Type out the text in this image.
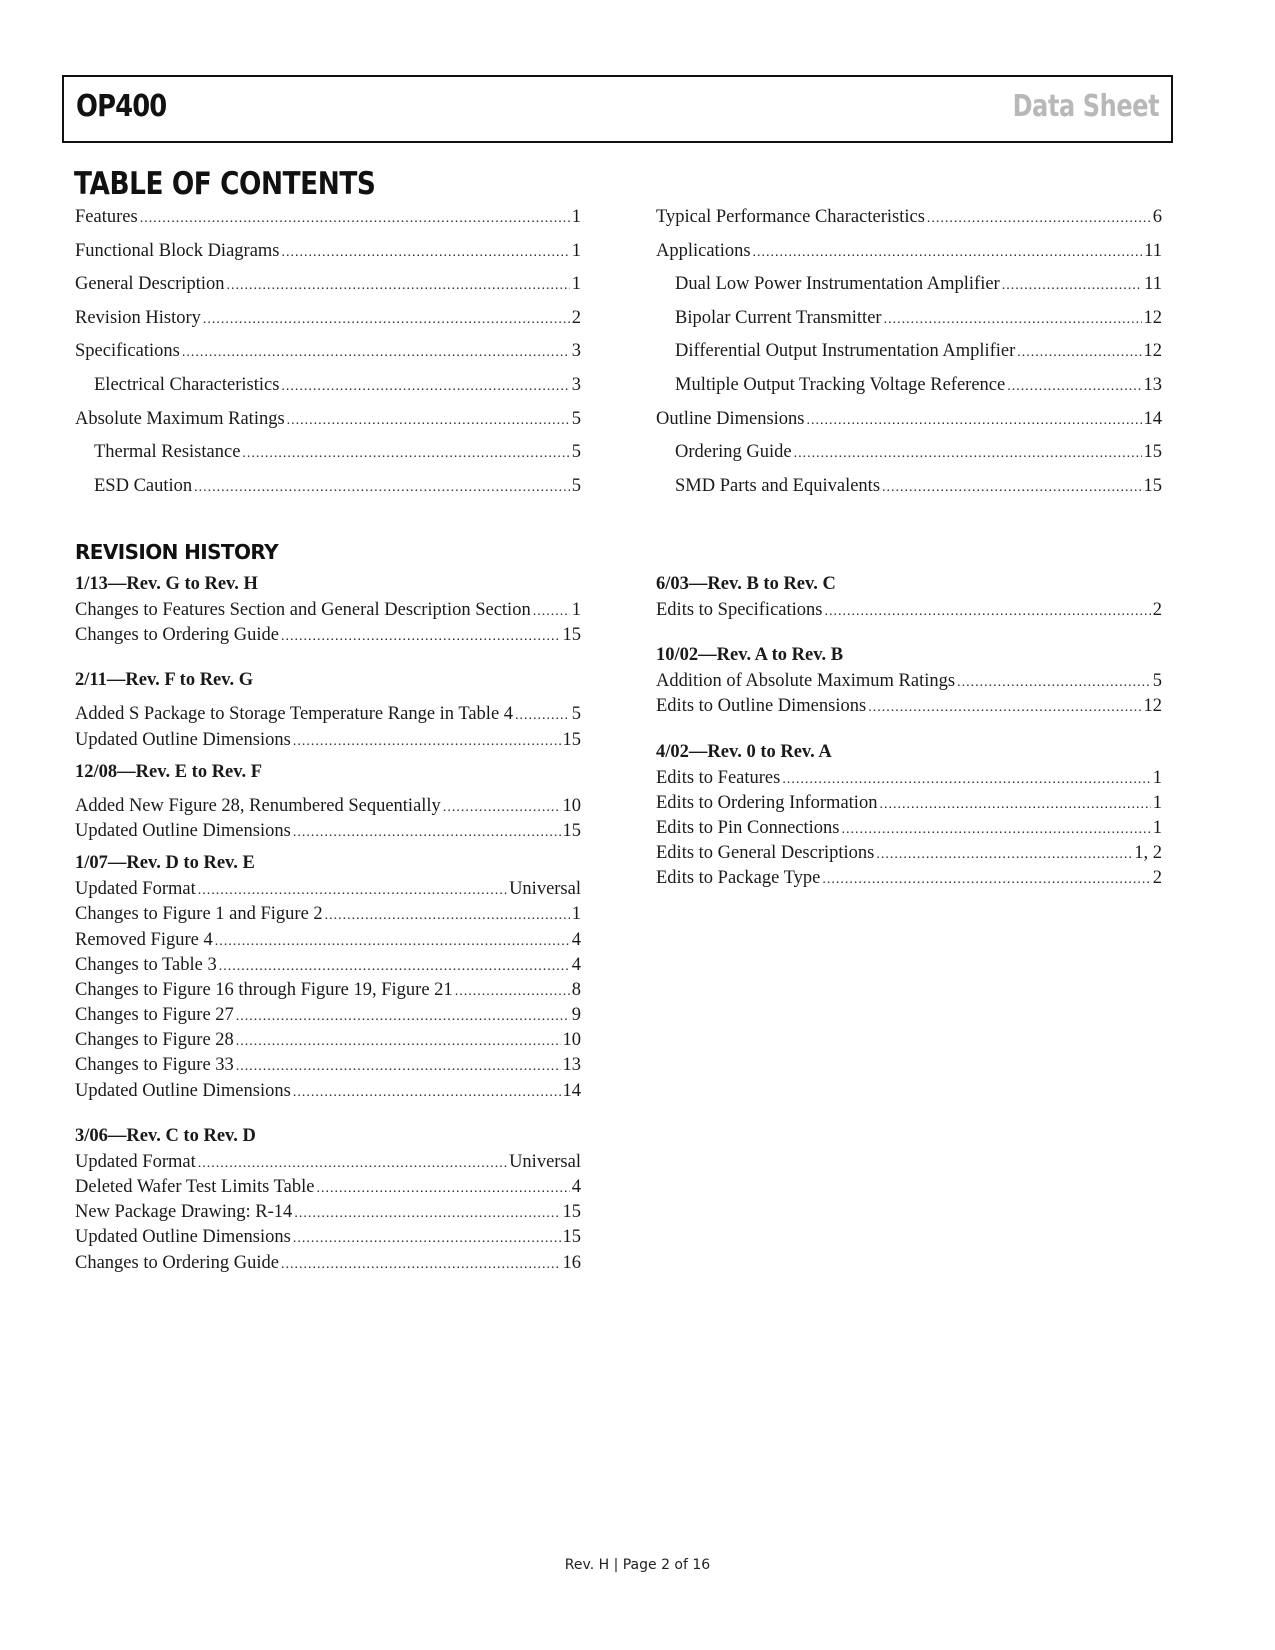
OP400	Data Sheet
TABLE OF CONTENTS
Features .....	1
Functional Block Diagrams .....	1
General Description .....	1
Revision History .....	2
Specifications .....	3
Electrical Characteristics .....	3
Absolute Maximum Ratings .....	5
Thermal Resistance .....	5
ESD Caution .....	5
Typical Performance Characteristics .....	6
Applications .....	11
Dual Low Power Instrumentation Amplifier .....	11
Bipolar Current Transmitter .....	12
Differential Output Instrumentation Amplifier .....	12
Multiple Output Tracking Voltage Reference .....	13
Outline Dimensions .....	14
Ordering Guide .....	15
SMD Parts and Equivalents .....	15
REVISION HISTORY
1/13—Rev. G to Rev. H
Changes to Features Section and General Description Section ..... 1
Changes to Ordering Guide .....	15
2/11—Rev. F to Rev. G
Added S Package to Storage Temperature Range in Table 4 .....	5
Updated Outline Dimensions .....	15
12/08—Rev. E to Rev. F
Added New Figure 28, Renumbered Sequentially .....	10
Updated Outline Dimensions .....	15
1/07—Rev. D to Rev. E
Updated Format .....	Universal
Changes to Figure 1 and Figure 2 .....	1
Removed Figure 4 .....	4
Changes to Table 3 .....	4
Changes to Figure 16 through Figure 19, Figure 21 .....	8
Changes to Figure 27 .....	9
Changes to Figure 28 .....	10
Changes to Figure 33 .....	13
Updated Outline Dimensions .....	14
3/06—Rev. C to Rev. D
Updated Format .....	Universal
Deleted Wafer Test Limits Table .....	4
New Package Drawing: R-14 .....	15
Updated Outline Dimensions .....	15
Changes to Ordering Guide .....	16
6/03—Rev. B to Rev. C
Edits to Specifications .....	2
10/02—Rev. A to Rev. B
Addition of Absolute Maximum Ratings .....	5
Edits to Outline Dimensions .....	12
4/02—Rev. 0 to Rev. A
Edits to Features .....	1
Edits to Ordering Information .....	1
Edits to Pin Connections .....	1
Edits to General Descriptions .....	1, 2
Edits to Package Type .....	2
Rev. H | Page 2 of 16
